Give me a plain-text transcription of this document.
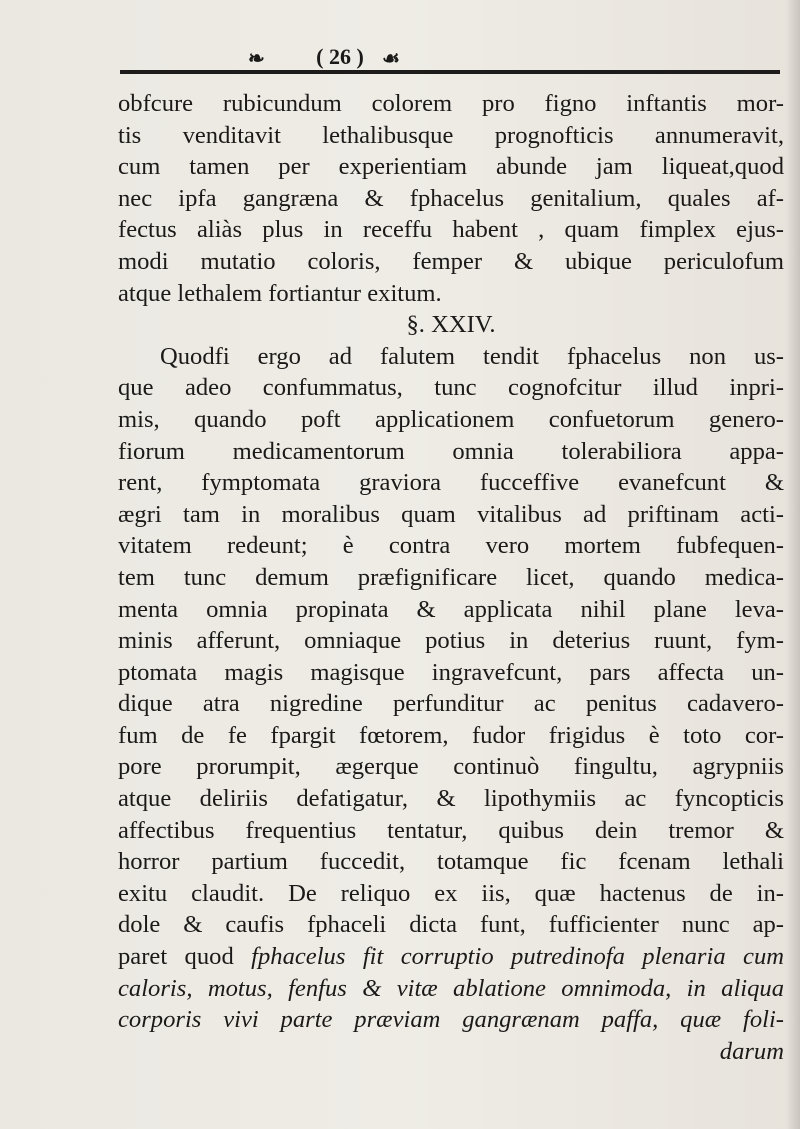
❧	( 26 ) ☙
obfcure rubicundum colorem pro figno inftantis mor-
tis venditavit lethalibusque prognofticis annumeravit,
cum tamen per experientiam abunde jam liqueat,quod
nec ipfa gangræna & fphacelus genitalium, quales af-
fectus aliàs plus in receffu habent , quam fimplex ejus-
modi mutatio coloris, femper & ubique periculofum
atque lethalem fortiantur exitum.
§. XXIV.
Quodfi ergo ad falutem tendit fphacelus non us-
que adeo confummatus, tunc cognofcitur illud inpri-
mis, quando poft applicationem confuetorum genero-
fiorum medicamentorum omnia tolerabiliora appa-
rent, fymptomata graviora fucceffive evanefcunt &
ægri tam in moralibus quam vitalibus ad priftinam acti-
vitatem redeunt; è contra vero mortem fubfequen-
tem tunc demum præfignificare licet, quando medica-
menta omnia propinata & applicata nihil plane leva-
minis afferunt, omniaque potius in deterius ruunt, fym-
ptomata magis magisque ingravefcunt, pars affecta un-
dique atra nigredine perfunditur ac penitus cadavero-
fum de fe fpargit fœtorem, fudor frigidus è toto cor-
pore prorumpit, ægerque continuò fingultu, agrypniis
atque deliriis defatigatur, & lipothymiis ac fyncopticis
affectibus frequentius tentatur, quibus dein tremor &
horror partium fuccedit, totamque fic fcenam lethali
exitu claudit. De reliquo ex iis, quæ hactenus de in-
dole & caufis fphaceli dicta funt, fufficienter nunc ap-
paret quod fphacelus fit corruptio putredinofa plenaria cum
caloris, motus, fenfus & vitæ ablatione omnimoda, in aliqua
corporis vivi parte præviam gangrænam paffa, quæ foli-
darum
